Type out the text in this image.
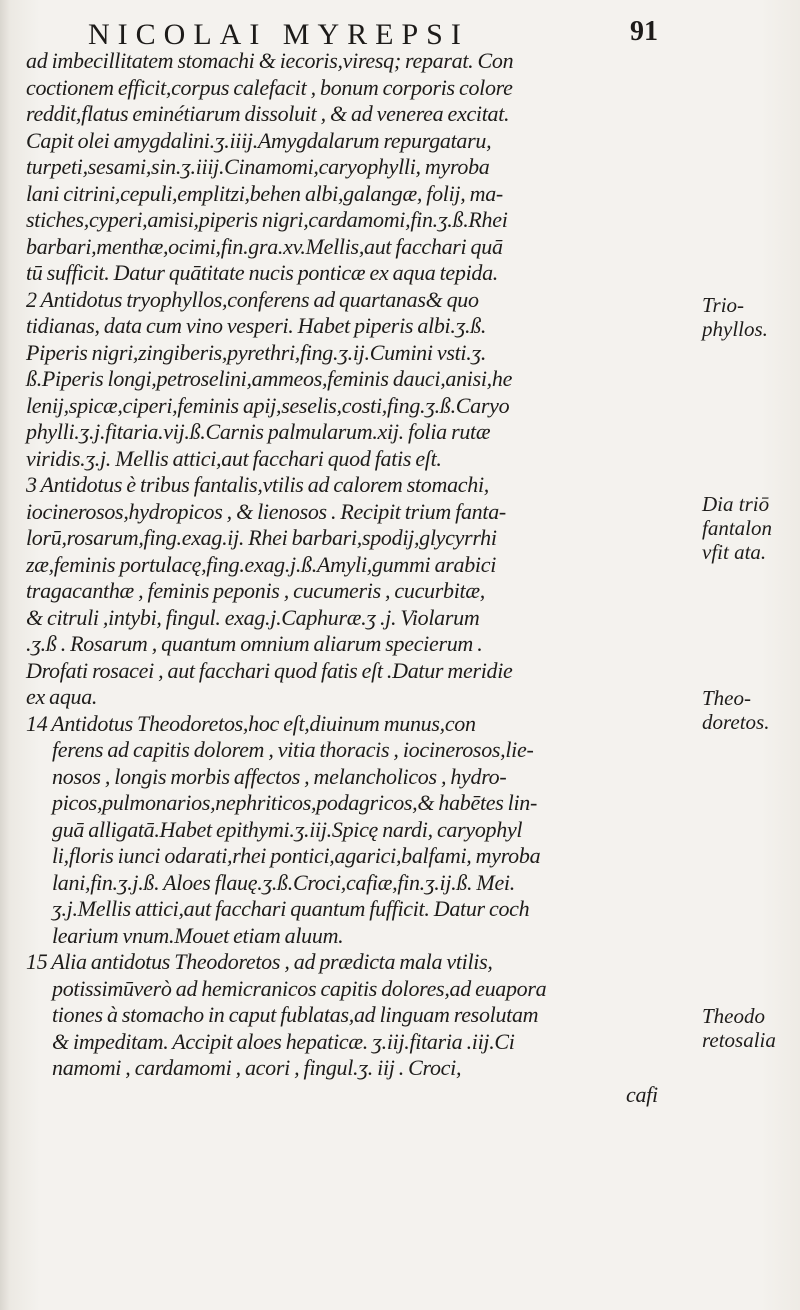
NICOLAI MYREPSI	91
ad imbecillitatem stomachi & iecoris,viresq; reparat. Con
coctionem efficit,corpus calefacit , bonum corporis colore
reddit,flatus eminétiarum dissoluit , & ad venerea excitat.
Capit olei amygdalini.ʒ.iiij.Amygdalarum repurgataru,
turpeti,sesami,sin.ʒ.iiij.Cinamomi,caryophylli, myroba
lani citrini,cepuli,emplitzi,behen albi,galangæ, folij, ma-
stiches,cyperi,amisi,piperis nigri,cardamomi,fin.ʒ.ß.Rhei
barbari,menthæ,ocimi,fin.gra.xv.Mellis,aut facchari quā
tū sufficit. Datur quātitate nucis ponticæ ex aqua tepida.
2 Antidotus tryophyllos,conferens ad quartanas& quo
tidianas, data cum vino vesperi. Habet piperis albi.ʒ.ß.
Piperis nigri,zingiberis,pyrethri,fing.ʒ.ij.Cumini vsti.ʒ.
ß.Piperis longi,petroselini,ammeos,feminis dauci,anisi,he
lenij,spicæ,ciperi,feminis apij,seselis,costi,fing.ʒ.ß.Caryo
phylli.ʒ.j.fitaria.vij.ß.Carnis palmularum.xij. folia rutæ
viridis.ʒ.j. Mellis attici,aut facchari quod fatis eſt.
3 Antidotus è tribus fantalis,vtilis ad calorem stomachi,
iocinerosos,hydropicos , & lienosos . Recipit trium fanta-
lorū,rosarum,fing.exag.ij. Rhei barbari,spodij,glycyrrhi
zæ,feminis portulacę,fing.exag.j.ß.Amyli,gummi arabici
tragacanthæ , feminis peponis , cucumeris , cucurbitæ,
& citruli ,intybi, fingul. exag.j.Caphuræ.ʒ .j. Violarum
.ʒ.ß . Rosarum , quantum omnium aliarum specierum .
Drofati rosacei , aut facchari quod fatis eſt .Datur meridie
ex aqua.
14 Antidotus Theodoretos,hoc eſt,diuinum munus,con
ferens ad capitis dolorem , vitia thoracis , iocinerosos,lie-
nosos , longis morbis affectos , melancholicos , hydro-
picos,pulmonarios,nephriticos,podagricos,& habētes lin-
guā alligatā.Habet epithymi.ʒ.iij.Spicę nardi, caryophyl
li,floris iunci odarati,rhei pontici,agarici,balfami, myroba
lani,fin.ʒ.j.ß. Aloes flauę.ʒ.ß.Croci,cafiæ,fin.ʒ.ij.ß. Mei.
ʒ.j.Mellis attici,aut facchari quantum fufficit. Datur coch
learium vnum.Mouet etiam aluum.
15 Alia antidotus Theodoretos , ad prædicta mala vtilis,
potissimūverò ad hemicranicos capitis dolores,ad euapora
tiones à stomacho in caput fublatas,ad linguam resolutam
& impeditam. Accipit aloes hepaticæ. ʒ.iij.fitaria .iij.Ci
namomi , cardamomi , acori , fingul.ʒ. iij . Croci,
cafi
Trio-
phyllos.
Dia triō
fantalon
vfit ata.
Theo-
doretos.
Theodo
retosalia
